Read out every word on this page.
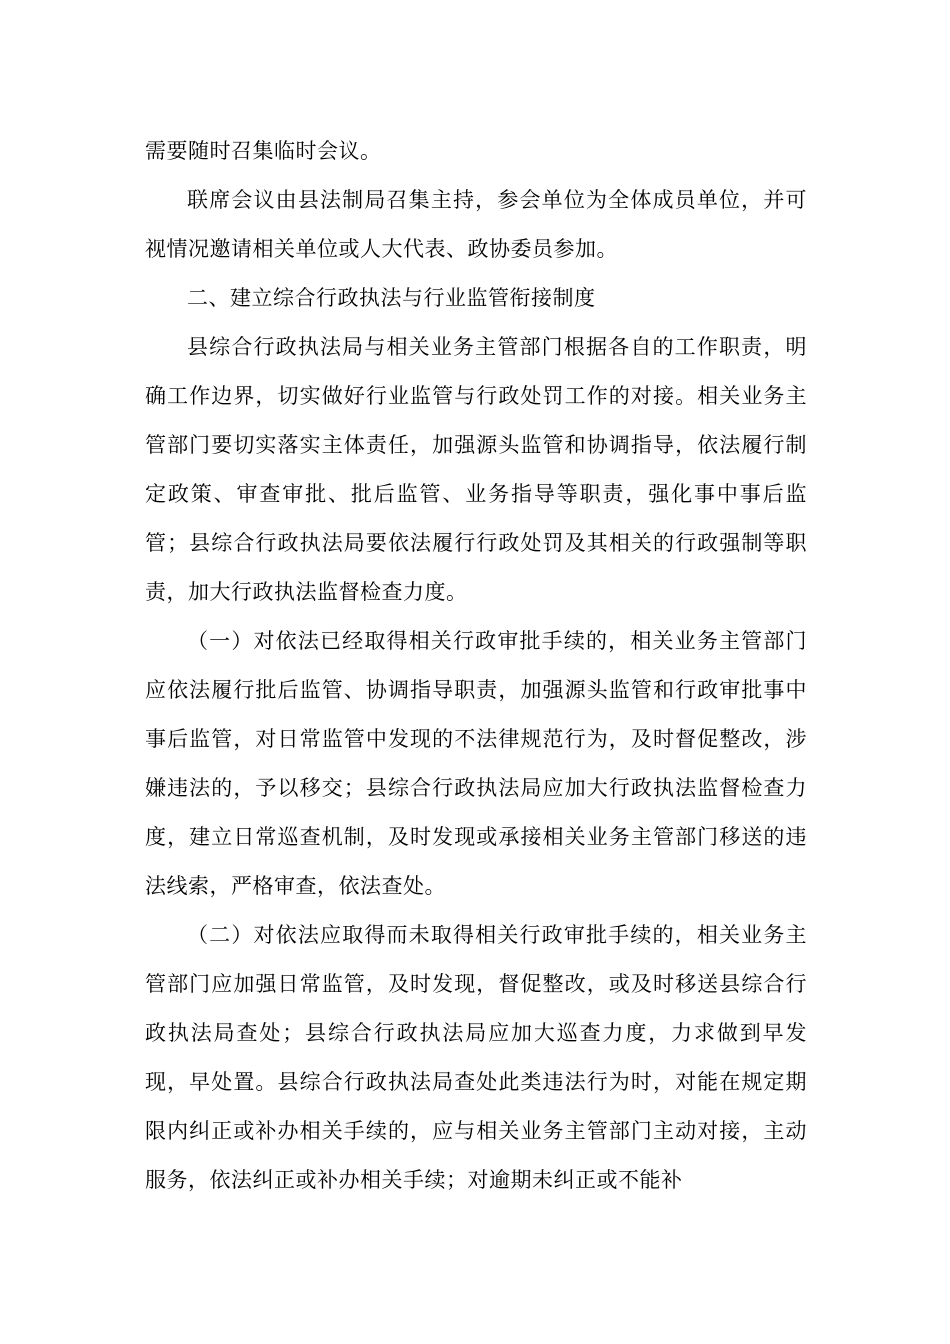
需要随时召集临时会议。

联席会议由县法制局召集主持，参会单位为全体成员单位，并可视情况邀请相关单位或人大代表、政协委员参加。

二、建立综合行政执法与行业监管衔接制度

县综合行政执法局与相关业务主管部门根据各自的工作职责，明确工作边界，切实做好行业监管与行政处罚工作的对接。相关业务主管部门要切实落实主体责任，加强源头监管和协调指导，依法履行制定政策、审查审批、批后监管、业务指导等职责，强化事中事后监管；县综合行政执法局要依法履行行政处罚及其相关的行政强制等职责，加大行政执法监督检查力度。

（一）对依法已经取得相关行政审批手续的，相关业务主管部门应依法履行批后监管、协调指导职责，加强源头监管和行政审批事中事后监管，对日常监管中发现的不法律规范行为，及时督促整改，涉嫌违法的，予以移交；县综合行政执法局应加大行政执法监督检查力度，建立日常巡查机制，及时发现或承接相关业务主管部门移送的违法线索，严格审查，依法查处。

（二）对依法应取得而未取得相关行政审批手续的，相关业务主管部门应加强日常监管，及时发现，督促整改，或及时移送县综合行政执法局查处；县综合行政执法局应加大巡查力度，力求做到早发现，早处置。县综合行政执法局查处此类违法行为时，对能在规定期限内纠正或补办相关手续的，应与相关业务主管部门主动对接，主动服务，依法纠正或补办相关手续；对逾期未纠正或不能补
